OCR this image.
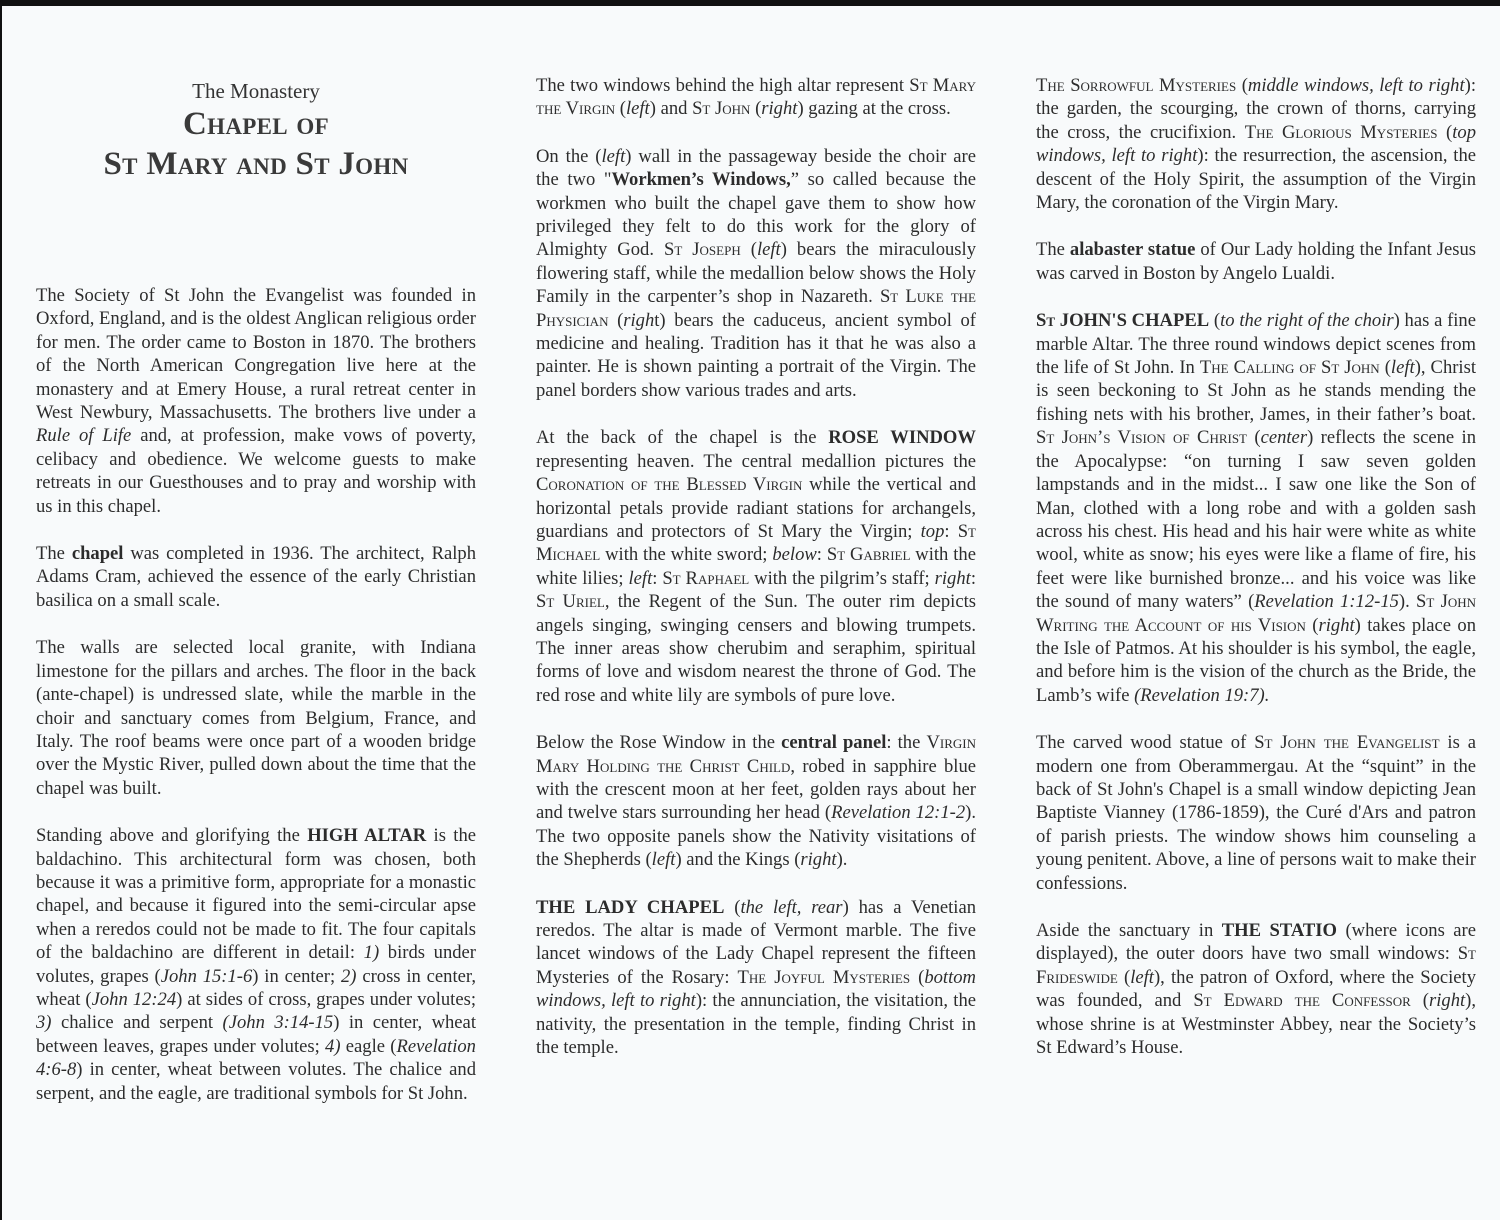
The Monastery
Chapel of
St Mary and St John

The Society of St John the Evangelist was founded in Oxford, England, and is the oldest Anglican religious order for men. The order came to Boston in 1870. The brothers of the North American Congregation live here at the monastery and at Emery House, a rural retreat center in West Newbury, Massachusetts. The brothers live under a Rule of Life and, at profession, make vows of poverty, celibacy and obedience. We welcome guests to make retreats in our Guesthouses and to pray and worship with us in this chapel.

The chapel was completed in 1936. The architect, Ralph Adams Cram, achieved the essence of the early Christian basilica on a small scale.

The walls are selected local granite, with Indiana limestone for the pillars and arches. The floor in the back (ante-chapel) is undressed slate, while the marble in the choir and sanctuary comes from Belgium, France, and Italy. The roof beams were once part of a wooden bridge over the Mystic River, pulled down about the time that the chapel was built.

Standing above and glorifying the HIGH ALTAR is the baldachino. This architectural form was chosen, both because it was a primitive form, appropriate for a monastic chapel, and because it figured into the semi-circular apse when a reredos could not be made to fit. The four capitals of the baldachino are different in detail: 1) birds under volutes, grapes (John 15:1-6) in center; 2) cross in center, wheat (John 12:24) at sides of cross, grapes under volutes; 3) chalice and serpent (John 3:14-15) in center, wheat between leaves, grapes under volutes; 4) eagle (Revelation 4:6-8) in center, wheat between volutes. The chalice and serpent, and the eagle, are traditional symbols for St John.

The two windows behind the high altar represent St Mary the Virgin (left) and St John (right) gazing at the cross.

On the (left) wall in the passageway beside the choir are the two "Workmen’s Windows,” so called because the workmen who built the chapel gave them to show how privileged they felt to do this work for the glory of Almighty God. St Joseph (left) bears the miraculously flowering staff, while the medallion below shows the Holy Family in the carpenter’s shop in Nazareth. St Luke the Physician (right) bears the caduceus, ancient symbol of medicine and healing. Tradition has it that he was also a painter. He is shown painting a portrait of the Virgin. The panel borders show various trades and arts.

At the back of the chapel is the ROSE WINDOW representing heaven. The central medallion pictures the Coronation of the Blessed Virgin while the vertical and horizontal petals provide radiant stations for archangels, guardians and protectors of St Mary the Virgin; top: St Michael with the white sword; below: St Gabriel with the white lilies; left: St Raphael with the pilgrim’s staff; right: St Uriel, the Regent of the Sun. The outer rim depicts angels singing, swinging censers and blowing trumpets. The inner areas show cherubim and seraphim, spiritual forms of love and wisdom nearest the throne of God. The red rose and white lily are symbols of pure love.

Below the Rose Window in the central panel: the Virgin Mary Holding the Christ Child, robed in sapphire blue with the crescent moon at her feet, golden rays about her and twelve stars surrounding her head (Revelation 12:1-2). The two opposite panels show the Nativity visitations of the Shepherds (left) and the Kings (right).

THE LADY CHAPEL (the left, rear) has a Venetian reredos. The altar is made of Vermont marble. The five lancet windows of the Lady Chapel represent the fifteen Mysteries of the Rosary: The Joyful Mysteries (bottom windows, left to right): the annunciation, the visitation, the nativity, the presentation in the temple, finding Christ in the temple.

The Sorrowful Mysteries (middle windows, left to right): the garden, the scourging, the crown of thorns, carrying the cross, the crucifixion. The Glorious Mysteries (top windows, left to right): the resurrection, the ascension, the descent of the Holy Spirit, the assumption of the Virgin Mary, the coronation of the Virgin Mary.

The alabaster statue of Our Lady holding the Infant Jesus was carved in Boston by Angelo Lualdi.

St JOHN'S CHAPEL (to the right of the choir) has a fine marble Altar. The three round windows depict scenes from the life of St John. In The Calling of St John (left), Christ is seen beckoning to St John as he stands mending the fishing nets with his brother, James, in their father’s boat. St John’s Vision of Christ (center) reflects the scene in the Apocalypse: “on turning I saw seven golden lampstands and in the midst... I saw one like the Son of Man, clothed with a long robe and with a golden sash across his chest. His head and his hair were white as white wool, white as snow; his eyes were like a flame of fire, his feet were like burnished bronze... and his voice was like the sound of many waters” (Revelation 1:12-15). St John Writing the Account of his Vision (right) takes place on the Isle of Patmos. At his shoulder is his symbol, the eagle, and before him is the vision of the church as the Bride, the Lamb’s wife (Revelation 19:7).

The carved wood statue of St John the Evangelist is a modern one from Oberammergau. At the “squint” in the back of St John's Chapel is a small window depicting Jean Baptiste Vianney (1786-1859), the Curé d'Ars and patron of parish priests. The window shows him counseling a young penitent. Above, a line of persons wait to make their confessions.

Aside the sanctuary in THE STATIO (where icons are displayed), the outer doors have two small windows: St Frideswide (left), the patron of Oxford, where the Society was founded, and St Edward the Confessor (right), whose shrine is at Westminster Abbey, near the Society’s St Edward’s House.
